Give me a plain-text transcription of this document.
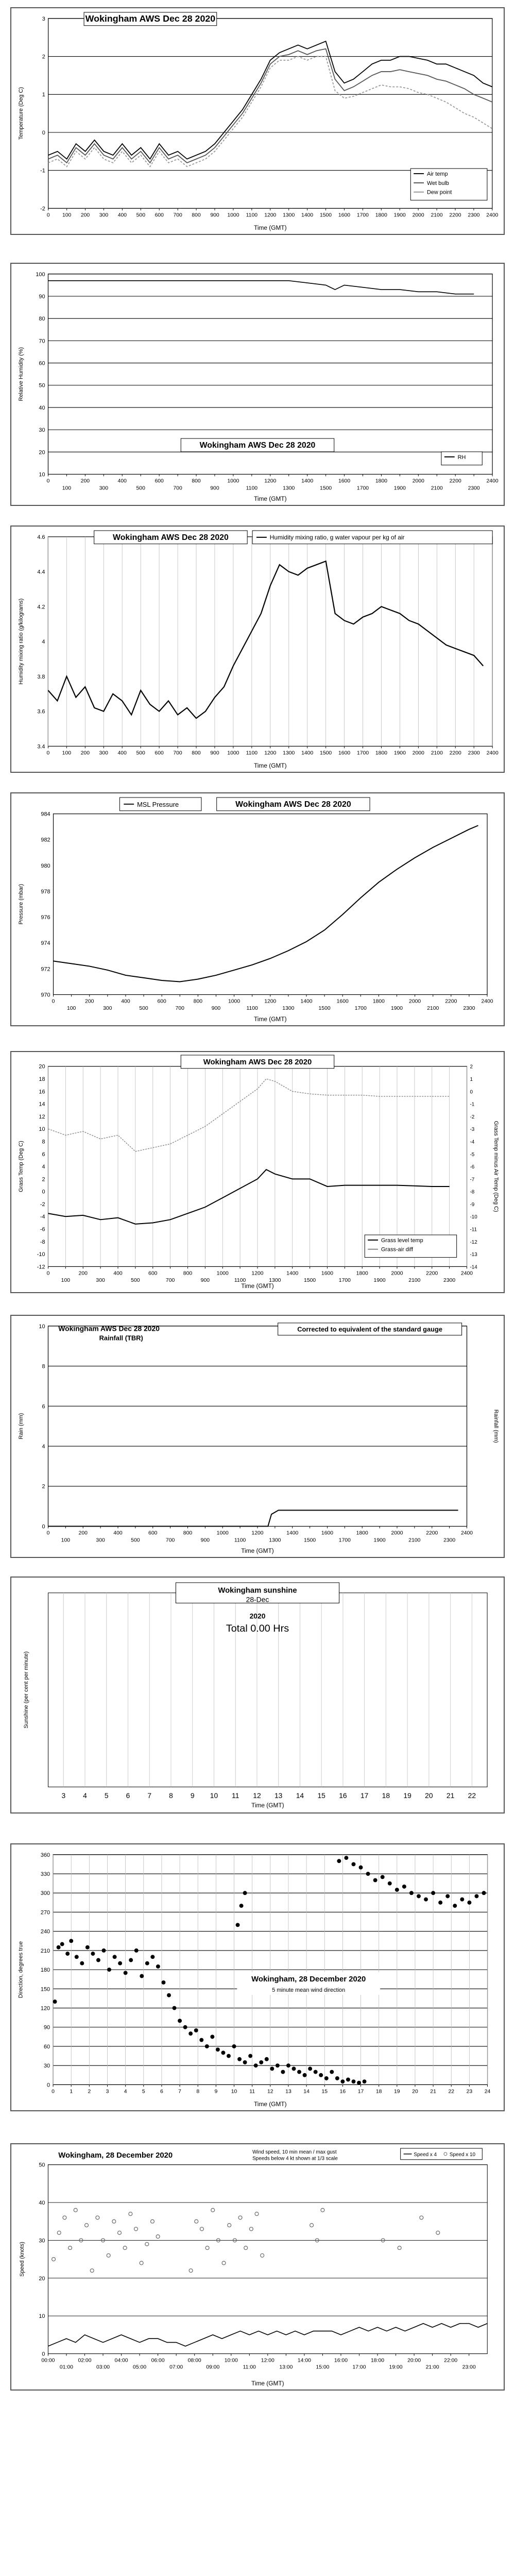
-2
-1
0
1
2
3
0 100 200 300 400 500 600 700 800 900 1000 1100 1200 1300 1400 1500 1600 1700 1800 1900 2000 2100 2200 2300 2400
Time (GMT)
Temperature (Deg C)
Wokingham AWS Dec 28 2020
Air temp
Wet bulb
Dew point
10
20
30
40
50
60
70
80
90
100
0
100
200
300
400
500
600
700
800
900
1000
1100
1200
1300
1400
1500
1600
1700
1800
1900
2000
2100
2200
2300
2400
Time (GMT)
Relative Humidity (%)
Wokingham AWS Dec 28 2020
RH
3.4
3.6
3.8
4
4.2
4.4
4.6
0 100 200 300 400 500 600 700 800 900 1000 1100 1200 1300 1400 1500 1600 1700 1800 1900 2000 2100 2200 2300 2400
Time (GMT)
Humidity mixing ratio (g/kilograms)
Wokingham AWS Dec 28 2020	Humidity mixing ratio, g water vapour per kg of air
970
972
974
976
978
980
982
984
0
100
200
300
400
500
600
700
800
900
1000
1100
1200
1300
1400
1500
1600
1700
1800
1900
2000
2100
2200
2300
2400
Time (GMT)
Pressure (mbar)
MSL Pressure	Wokingham AWS Dec 28 2020
-12
-10
-8
-6
-4
-2
0
2
4
6
8
10
12
14
16
18
20
0
100
200
300
400
500
600
700
800
900
1000
1100
1200
1300
1400
1500
1600
1700
1800
1900
2000
2100
2200
2300
2400
Time (GMT)
Grass Temp (Deg C)
-14
-13
-12
-11
-10
-9
-8
-7
-6
-5
-4
-3
-2
-1
0
1
2
Grass Temp minus Air Temp (Deg C)
Wokingham AWS Dec 28 2020
Grass level temp
Grass-air diff
0
2
4
6
8
10
0
100
200
300
400
500
600
700
800
900
1000
1100
1200
1300
1400
1500
1600
1700
1800
1900
2000
2100
2200
2300
2400
Time (GMT)
Rain (mm)
Wokingham AWS Dec 28 2020
Rainfall (TBR)
Corrected to equivalent of the standard gauge
Rainfall (mm)
3 4 5 6 7 8 9 10 11 12 13 14 15 16 17 18 19 20 21 22
Wokingham sunshine
28-Dec
2020
Total 0.00 Hrs
Time (GMT)
Sunshine (per cent per minute)
0
30
60
90
120
150
180
210
240
270
300
330
360
0	1	2	3	4	5	6	7	8	9	10 11 12 13 14 15 16 17 18 19 20 21 22 23 24
Time (GMT)
Direction, degrees true	Wokingham, 28 December 2020
5 minute mean wind direction
0
10
20
30
40
50
00:00
01:00
02:00
03:00
04:00
05:00
06:00
07:00
08:00
09:00
10:00
11:00
12:00
13:00
14:00
15:00
16:00
17:00
18:00
19:00
20:00
21:00
22:00
23:00
Wokingham, 28 December 2020	Wind speed, 10 min mean / max gust
Speeds below 4 kt shown at 1/3 scale
Speed x 4 Speed x 10
Time (GMT)
Speed (knots)
